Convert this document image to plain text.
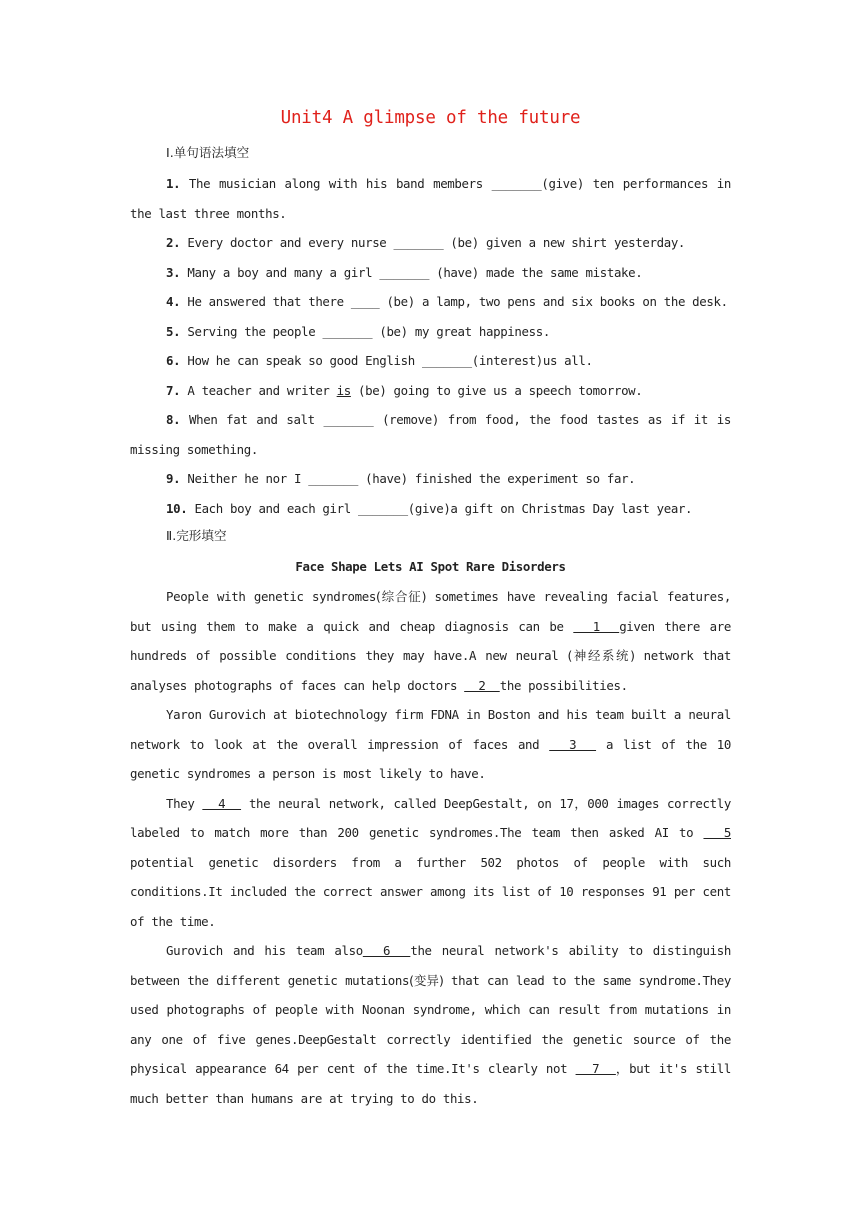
Unit4 A glimpse of the future
Ⅰ.单句语法填空

1. The musician along with his band members _______(give) ten performances in the last three months.

2. Every doctor and every nurse _______ (be) given a new shirt yesterday.

3. Many a boy and many a girl _______ (have) made the same mistake.

4. He answered that there ____ (be) a lamp, two pens and six books on the desk.

5. Serving the people _______ (be) my great happiness.

6. How he can speak so good English _______(interest)us all.

7. A teacher and writer is (be) going to give us a speech tomorrow.

8. When fat and salt _______ (remove) from food, the food tastes as if it is missing something.

9. Neither he nor I _______ (have) finished the experiment so far.

10. Each boy and each girl _______(give)a gift on Christmas Day last year.

Ⅱ.完形填空
Face Shape Lets AI Spot Rare Disorders

People with genetic syndromes(综合征) sometimes have revealing facial features, but using them to make a quick and cheap diagnosis can be   1  given there are hundreds of possible conditions they may have.A new neural (神经系统) network that analyses photographs of faces can help doctors   2  the possibilities.

Yaron Gurovich at biotechnology firm FDNA in Boston and his team built a neural network to look at the overall impression of faces and   3   a list of the 10 genetic syndromes a person is most likely to have.

They   4   the neural network, called DeepGestalt, on 17，000 images correctly labeled to match more than 200 genetic syndromes.The team then asked AI to   5 potential genetic disorders from a further 502 photos of people with such conditions.It included the correct answer among its list of 10 responses 91 per cent of the time.

Gurovich and his team also  6  the neural network's ability to distinguish between the different genetic mutations(变异) that can lead to the same syndrome.They used photographs of people with Noonan syndrome, which can result from mutations in any one of five genes.DeepGestalt correctly identified the genetic source of the physical appearance 64 per cent of the time.It's clearly not   7  ，but it's still much better than humans are at trying to do this.
